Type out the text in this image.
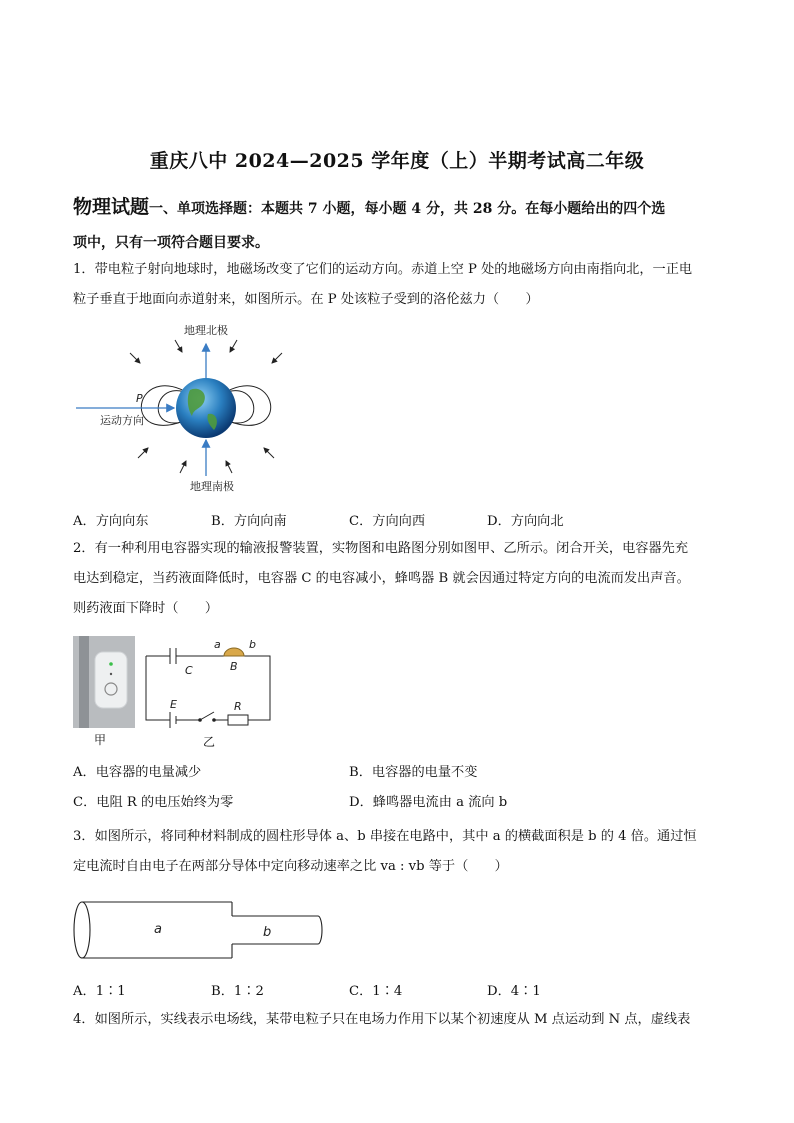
重庆八中 2024—2025 学年度（上）半期考试高二年级
物理试题一、单项选择题：本题共 7 小题，每小题 4 分，共 28 分。在每小题给出的四个选
项中，只有一项符合题目要求。
1．带电粒子射向地球时，地磁场改变了它们的运动方向。赤道上空 P 处的地磁场方向由南指向北，一正电
粒子垂直于地面向赤道射来，如图所示。在 P 处该粒子受到的洛伦兹力（　　）
地理北极
地理南极
P
运动方向
A．方向向东	B．方向向南	C．方向向西	D．方向向北
2．有一种利用电容器实现的输液报警装置，实物图和电路图分别如图甲、乙所示。闭合开关，电容器先充
电达到稳定，当药液面降低时，电容器 C 的电容减小，蜂鸣器 B 就会因通过特定方向的电流而发出声音。
则药液面下降时（　　）
甲
a	b
B
C
E	R
乙
A．电容器的电量减少	B．电容器的电量不变
C．电阻 R 的电压始终为零	D．蜂鸣器电流由 a 流向 b
3．如图所示，将同种材料制成的圆柱形导体 a、b 串接在电路中，其中 a 的横截面积是 b 的 4 倍。通过恒
定电流时自由电子在两部分导体中定向移动速率之比 va : vb 等于（　　）
a	b
A．1∶1	B．1∶2	C．1∶4	D．4∶1
4．如图所示，实线表示电场线，某带电粒子只在电场力作用下以某个初速度从 M 点运动到 N 点，虚线表
